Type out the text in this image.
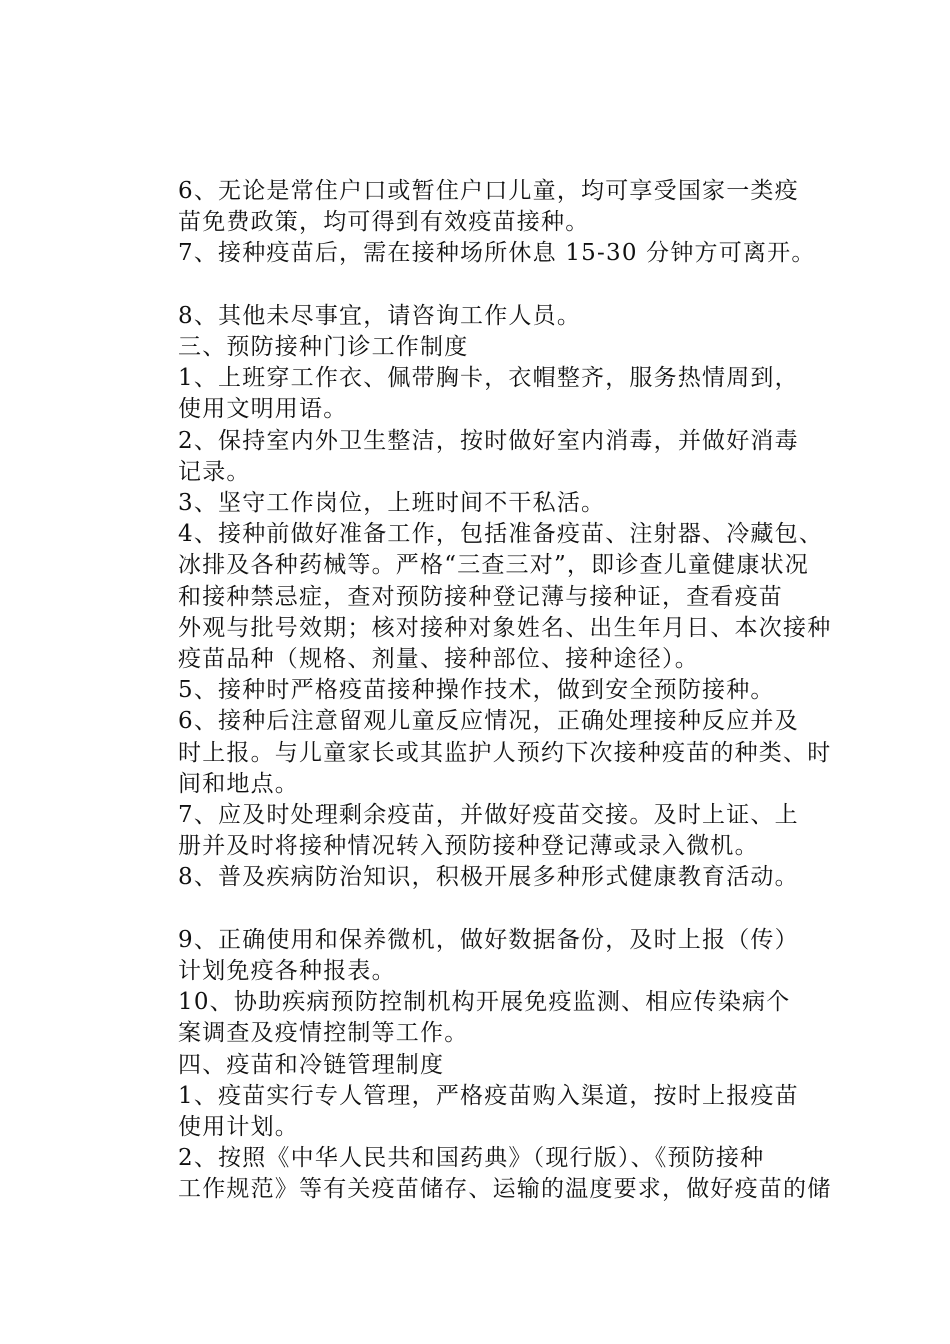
6、无论是常住户口或暂住户口儿童，均可享受国家一类疫
苗免费政策，均可得到有效疫苗接种。

7、接种疫苗后，需在接种场所休息 15-30 分钟方可离开。

8、其他未尽事宜，请咨询工作人员。

三、预防接种门诊工作制度

1、上班穿工作衣、佩带胸卡，衣帽整齐，服务热情周到，
使用文明用语。

2、保持室内外卫生整洁，按时做好室内消毒，并做好消毒
记录。

3、坚守工作岗位，上班时间不干私活。

4、接种前做好准备工作，包括准备疫苗、注射器、冷藏包、
冰排及各种药械等。严格“三查三对”，即诊查儿童健康状况

和接种禁忌症，查对预防接种登记薄与接种证，查看疫苗
外观与批号效期；核对接种对象姓名、出生年月日、本次接种
疫苗品种（规格、剂量、接种部位、接种途径）。

5、接种时严格疫苗接种操作技术，做到安全预防接种。

6、接种后注意留观儿童反应情况，正确处理接种反应并及
时上报。与儿童家长或其监护人预约下次接种疫苗的种类、时
间和地点。

7、应及时处理剩余疫苗，并做好疫苗交接。及时上证、上
册并及时将接种情况转入预防接种登记薄或录入微机。

8、普及疾病防治知识，积极开展多种形式健康教育活动。

9、正确使用和保养微机，做好数据备份，及时上报（传）
计划免疫各种报表。

10、协助疾病预防控制机构开展免疫监测、相应传染病个
案调查及疫情控制等工作。

四、疫苗和冷链管理制度

1、疫苗实行专人管理，严格疫苗购入渠道，按时上报疫苗
使用计划。

2、按照《中华人民共和国药典》（现行版）、《预防接种
工作规范》等有关疫苗储存、运输的温度要求，做好疫苗的储
